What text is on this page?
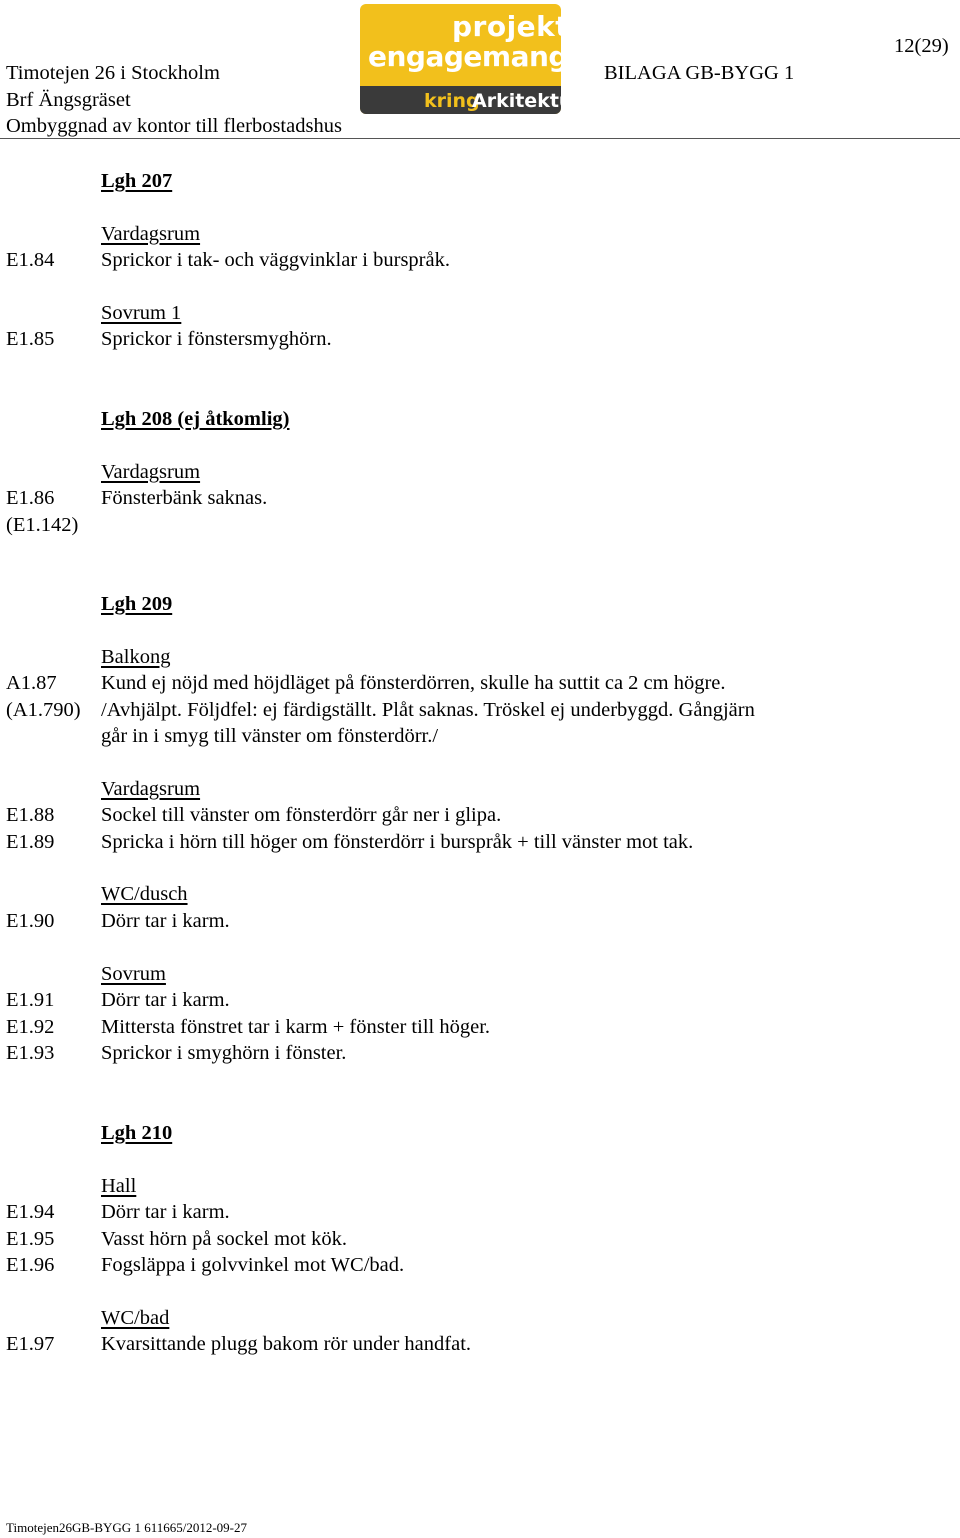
Timotejen 26 i Stockholm
Brf Ängsgräset
Ombyggnad av kontor till flerbostadshus
projekt
engagemang
kring
Arkitektur
BILAGA GB-BYGG 1
12(29)
Lgh 207
Vardagsrum
E1.84 Sprickor i tak- och väggvinklar i burspråk.
Sovrum 1
E1.85 Sprickor i fönstersmyghörn.
Lgh 208 (ej åtkomlig)
Vardagsrum
E1.86 Fönsterbänk saknas.
(E1.142)
Lgh 209
Balkong
A1.87 Kund ej nöjd med höjdläget på fönsterdörren, skulle ha suttit ca 2 cm högre.
(A1.790) /Avhjälpt. Följdfel: ej färdigställt. Plåt saknas. Tröskel ej underbyggd. Gångjärn
går in i smyg till vänster om fönsterdörr./
Vardagsrum
E1.88 Sockel till vänster om fönsterdörr går ner i glipa.
E1.89 Spricka i hörn till höger om fönsterdörr i burspråk + till vänster mot tak.
WC/dusch
E1.90 Dörr tar i karm.
Sovrum
E1.91 Dörr tar i karm.
E1.92 Mittersta fönstret tar i karm + fönster till höger.
E1.93 Sprickor i smyghörn i fönster.
Lgh 210
Hall
E1.94 Dörr tar i karm.
E1.95 Vasst hörn på sockel mot kök.
E1.96 Fogsläppa i golvvinkel mot WC/bad.
WC/bad
E1.97 Kvarsittande plugg bakom rör under handfat.
Timotejen26GB-BYGG 1 611665/2012-09-27
